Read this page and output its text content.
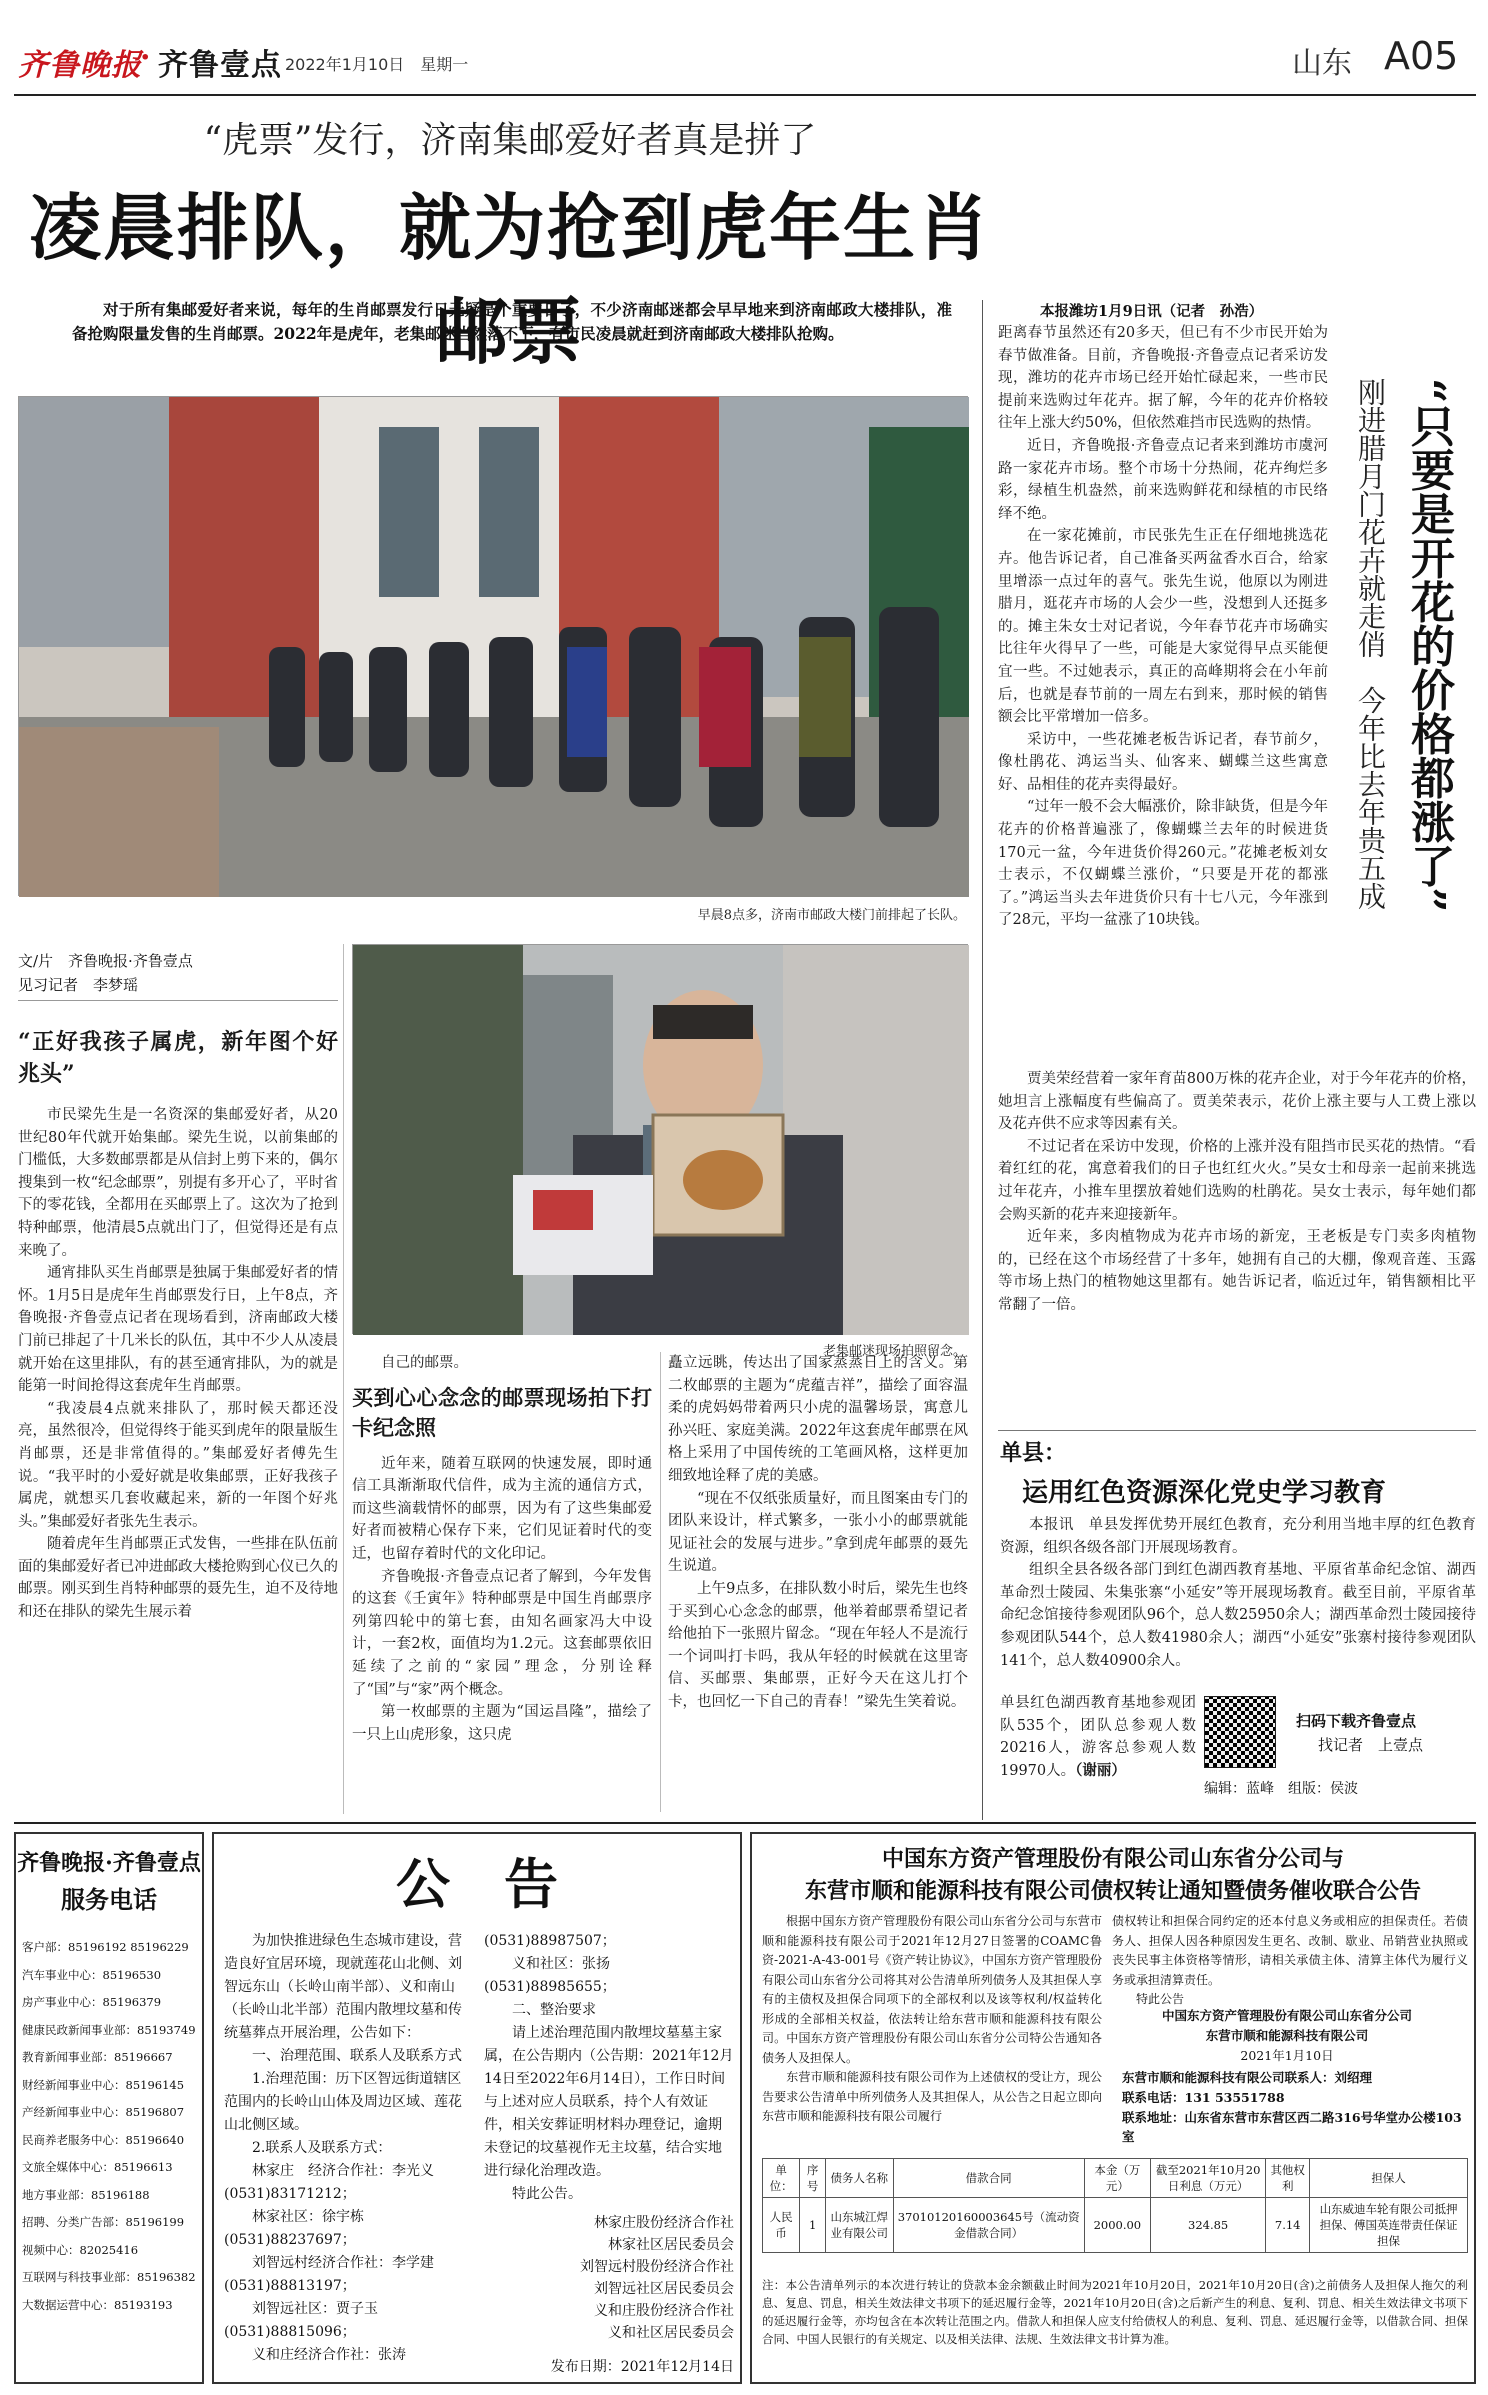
齐鲁晚报
· 齐鲁壹点 2022年1月10日　星期一	山东 A05
“虎票”发行，济南集邮爱好者真是拼了
凌晨排队，就为抢到虎年生肖邮票
对于所有集邮爱好者来说，每年的生肖邮票发行日无疑是个重要日子，不少济南邮迷都会早早地来到济南邮政大楼排队，准备抢购限量发售的生肖邮票。2022年是虎年，老集邮迷当然落不下，有市民凌晨就赶到济南邮政大楼排队抢购。
早晨8点多，济南市邮政大楼门前排起了长队。
文/片　齐鲁晚报·齐鲁壹点
见习记者　李梦瑶
老集邮迷现场拍照留念。

“正好我孩子属虎，新年图个好兆头”

市民梁先生是一名资深的集邮爱好者，从20世纪80年代就开始集邮。梁先生说，以前集邮的门槛低，大多数邮票都是从信封上剪下来的，偶尔搜集到一枚“纪念邮票”，别提有多开心了，平时省下的零花钱，全都用在买邮票上了。这次为了抢到特种邮票，他清晨5点就出门了，但觉得还是有点来晚了。

通宵排队买生肖邮票是独属于集邮爱好者的情怀。1月5日是虎年生肖邮票发行日，上午8点，齐鲁晚报·齐鲁壹点记者在现场看到，济南邮政大楼门前已排起了十几米长的队伍，其中不少人从凌晨就开始在这里排队，有的甚至通宵排队，为的就是能第一时间抢得这套虎年生肖邮票。

“我凌晨4点就来排队了，那时候天都还没亮，虽然很冷，但觉得终于能买到虎年的限量版生肖邮票，还是非常值得的。”集邮爱好者傅先生说。“我平时的小爱好就是收集邮票，正好我孩子属虎，就想买几套收藏起来，新的一年图个好兆头。”集邮爱好者张先生表示。

随着虎年生肖邮票正式发售，一些排在队伍前面的集邮爱好者已冲进邮政大楼抢购到心仪已久的邮票。刚买到生肖特种邮票的聂先生，迫不及待地和还在排队的梁先生展示着

自己的邮票。

买到心心念念的邮票现场拍下打卡纪念照

近年来，随着互联网的快速发展，即时通信工具渐渐取代信件，成为主流的通信方式，而这些滴载情怀的邮票，因为有了这些集邮爱好者而被精心保存下来，它们见证着时代的变迁，也留存着时代的文化印记。

齐鲁晚报·齐鲁壹点记者了解到，今年发售的这套《壬寅年》特种邮票是中国生肖邮票序列第四轮中的第七套，由知名画家冯大中设计，一套2枚，面值均为1.2元。这套邮票依旧延续了之前的“家园”理念，分别诠释了“国”与“家”两个概念。

第一枚邮票的主题为“国运昌隆”，描绘了一只上山虎形象，这只虎

矗立远眺，传达出了国家蒸蒸日上的含义。第二枚邮票的主题为“虎蕴吉祥”，描绘了面容温柔的虎妈妈带着两只小虎的温馨场景，寓意儿孙兴旺、家庭美满。2022年这套虎年邮票在风格上采用了中国传统的工笔画风格，这样更加细致地诠释了虎的美感。

“现在不仅纸张质量好，而且图案由专门的团队来设计，样式繁多，一张小小的邮票就能见证社会的发展与进步。”拿到虎年邮票的聂先生说道。

上午9点多，在排队数小时后，梁先生也终于买到心心念念的邮票，他举着邮票希望记者给他拍下一张照片留念。“现在年轻人不是流行一个词叫打卡吗，我从年轻的时候就在这里寄信、买邮票、集邮票，正好今天在这儿打个卡，也回忆一下自己的青春！”梁先生笑着说。

本报潍坊1月9日讯（记者　孙浩）

距离春节虽然还有20多天，但已有不少市民开始为春节做准备。目前，齐鲁晚报·齐鲁壹点记者采访发现，潍坊的花卉市场已经开始忙碌起来，一些市民提前来选购过年花卉。据了解，今年的花卉价格较往年上涨大约50%，但依然难挡市民选购的热情。

近日，齐鲁晚报·齐鲁壹点记者来到潍坊市虞河路一家花卉市场。整个市场十分热闹，花卉绚烂多彩，绿植生机盎然，前来选购鲜花和绿植的市民络绎不绝。

在一家花摊前，市民张先生正在仔细地挑选花卉。他告诉记者，自己准备买两盆香水百合，给家里增添一点过年的喜气。张先生说，他原以为刚进腊月，逛花卉市场的人会少一些，没想到人还挺多的。摊主朱女士对记者说，今年春节花卉市场确实比往年火得早了一些，可能是大家觉得早点买能便宜一些。不过她表示，真正的高峰期将会在小年前后，也就是春节前的一周左右到来，那时候的销售额会比平常增加一倍多。

采访中，一些花摊老板告诉记者，春节前夕，像杜鹃花、鸿运当头、仙客来、蝴蝶兰这些寓意好、品相佳的花卉卖得最好。

“过年一般不会大幅涨价，除非缺货，但是今年花卉的价格普遍涨了，像蝴蝶兰去年的时候进货170元一盆，今年进货价得260元。”花摊老板刘女士表示，不仅蝴蝶兰涨价，“只要是开花的都涨了。”鸿运当头去年进货价只有十七八元，今年涨到了28元，平均一盆涨了10块钱。

“只要是开花的价格都涨了”
刚进腊月门花卉就走俏　今年比去年贵五成

贾美荣经营着一家年育苗800万株的花卉企业，对于今年花卉的价格，她坦言上涨幅度有些偏高了。贾美荣表示，花价上涨主要与人工费上涨以及花卉供不应求等因素有关。

不过记者在采访中发现，价格的上涨并没有阻挡市民买花的热情。“看着红红的花，寓意着我们的日子也红红火火。”吴女士和母亲一起前来挑选过年花卉，小推车里摆放着她们选购的杜鹃花。吴女士表示，每年她们都会购买新的花卉来迎接新年。

近年来，多肉植物成为花卉市场的新宠，王老板是专门卖多肉植物的，已经在这个市场经营了十多年，她拥有自己的大棚，像观音莲、玉露等市场上热门的植物她这里都有。她告诉记者，临近过年，销售额相比平常翻了一倍。

单县：
运用红色资源深化党史学习教育

本报讯　单县发挥优势开展红色教育，充分利用当地丰厚的红色教育资源，组织各级各部门开展现场教育。

组织全县各级各部门到红色湖西教育基地、平原省革命纪念馆、湖西革命烈士陵园、朱集张寨“小延安”等开展现场教育。截至目前，平原省革命纪念馆接待参观团队96个，总人数25950余人；湖西革命烈士陵园接待参观团队544个，总人数41980余人；湖西“小延安”张寨村接待参观团队141个，总人数40900余人。

单县红色湖西教育基地参观团队535个，团队总参观人数20216人，游客总参观人数19970人。（谢丽）

扫码下载齐鲁壹点
找记者　上壹点
编辑：蓝峰　组版：侯波
齐鲁晚报·齐鲁壹点
服务电话
客户部：85196192 85196229
汽车事业中心：85196530
房产事业中心：85196379
健康民政新闻事业部：85193749
教育新闻事业部：85196667
财经新闻事业中心：85196145
产经新闻事业中心：85196807
民商养老服务中心：85196640
文旅全媒体中心：85196613
地方事业部：85196188
招聘、分类广告部：85196199
视频中心：82025416
互联网与科技事业部：85196382
大数据运营中心：85193193
公　告
为加快推进绿色生态城市建设，营造良好宜居环境，现就莲花山北侧、刘智远东山（长岭山南半部）、义和南山（长岭山北半部）范围内散埋坟墓和传统墓葬点开展治理，公告如下：
　　一、治理范围、联系人及联系方式
　　1.治理范围：历下区智远街道辖区范围内的长岭山山体及周边区域、莲花山北侧区域。
　　2.联系人及联系方式：
　　林家庄　经济合作社：李光义(0531)83171212；
　　林家社区：徐宇栋(0531)88237697；
　　刘智远村经济合作社：李学建(0531)88813197；
　　刘智远社区：贾子玉(0531)88815096；
　　义和庄经济合作社：张涛
(0531)88987507；
　　义和社区：张扬(0531)88985655；
　　二、整治要求
　　请上述治理范围内散埋坟墓墓主家属，在公告期内（公告期：2021年12月14日至2022年6月14日），工作日时间与上述对应人员联系，持个人有效证件，相关安葬证明材料办理登记，逾期未登记的坟墓视作无主坟墓，结合实地进行绿化治理改造。
　　特此公告。
林家庄股份经济合作社
林家社区居民委员会
刘智远村股份经济合作社
刘智远社区居民委员会
义和庄股份经济合作社
义和社区居民委员会
发布日期：2021年12月14日
中国东方资产管理股份有限公司山东省分公司与
东营市顺和能源科技有限公司债权转让通知暨债务催收联合公告
根据中国东方资产管理股份有限公司山东省分公司与东营市顺和能源科技有限公司于2021年12月27日签署的COAMC鲁资-2021-A-43-001号《资产转让协议》，中国东方资产管理股份有限公司山东省分公司将其对公告清单所列债务人及其担保人享有的主债权及担保合同项下的全部权利以及该等权利/权益转化形成的全部相关权益，依法转让给东营市顺和能源科技有限公司。中国东方资产管理股份有限公司山东省分公司特公告通知各债务人及担保人。
　　东营市顺和能源科技有限公司作为上述债权的受让方，现公告要求公告清单中所列债务人及其担保人，从公告之日起立即向东营市顺和能源科技有限公司履行
债权转让和担保合同约定的还本付息义务或相应的担保责任。若债务人、担保人因各种原因发生更名、改制、歇业、吊销营业执照或丧失民事主体资格等情形，请相关承债主体、清算主体代为履行义务或承担清算责任。
　　特此公告
中国东方资产管理股份有限公司山东省分公司
东营市顺和能源科技有限公司
2021年1月10日
东营市顺和能源科技有限公司联系人：刘绍理
联系电话：131 53551788
联系地址：山东省东营市东营区西二路316号华堂办公楼103室
单位：	序号	债务人名称	借款合同	本金（万元）	截至2021年10月20日利息（万元）	其他权利	担保人
人民币	1	山东城江焊业有限公司	37010120160003645号（流动资金借款合同）	2000.00	324.85	7.14	山东威迪车轮有限公司抵押担保、傅国英连带责任保证担保
注：本公告清单列示的本次进行转让的贷款本金余额截止时间为2021年10月20日，2021年10月20日(含)之前债务人及担保人拖欠的利息、复息、罚息，相关生效法律文书项下的延迟履行金等，2021年10月20日(含)之后新产生的利息、复利、罚息、相关生效法律文书项下的延迟履行金等，亦均包含在本次转让范围之内。借款人和担保人应支付给债权人的利息、复利、罚息、延迟履行金等，以借款合同、担保合同、中国人民银行的有关规定、以及相关法律、法规、生效法律文书计算为准。
